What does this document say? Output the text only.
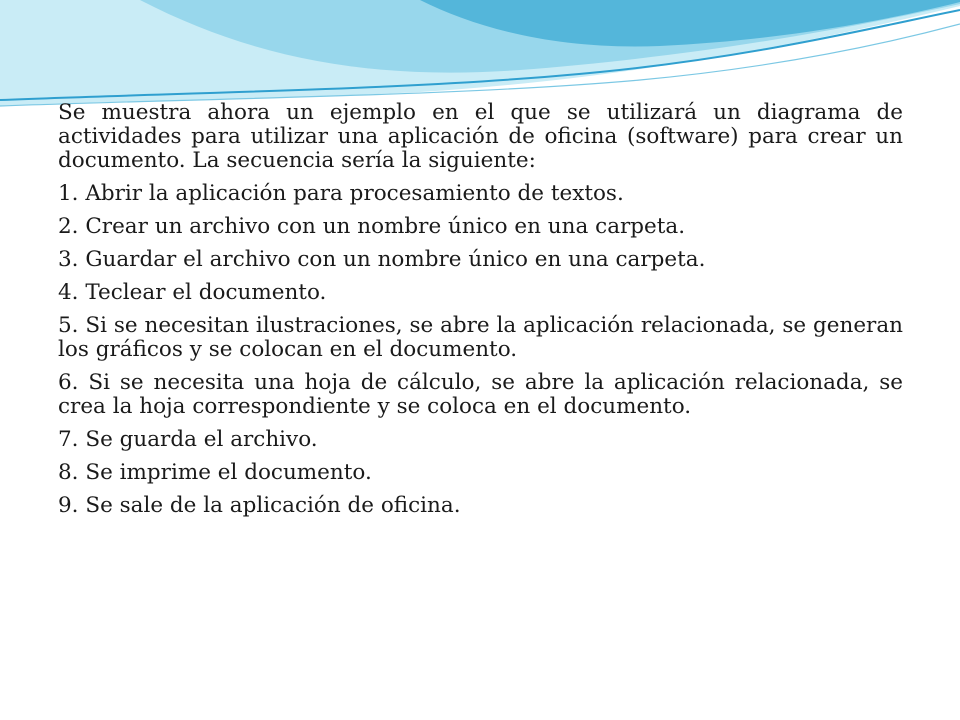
Se muestra ahora un ejemplo en el que se utilizará un diagrama de actividades para utilizar una aplicación de oficina (software) para crear un documento. La secuencia sería la siguiente:

1. Abrir la aplicación para procesamiento de textos.

2. Crear un archivo con un nombre único en una carpeta.

3. Guardar el archivo con un nombre único en una carpeta.

4. Teclear el documento.

5. Si se necesitan ilustraciones, se abre la aplicación relacionada, se generan los gráficos y se colocan en el documento.

6. Si se necesita una hoja de cálculo, se abre la aplicación relacionada, se crea la hoja correspondiente y se coloca en el documento.

7. Se guarda el archivo.

8. Se imprime el documento.

9. Se sale de la aplicación de oficina.
